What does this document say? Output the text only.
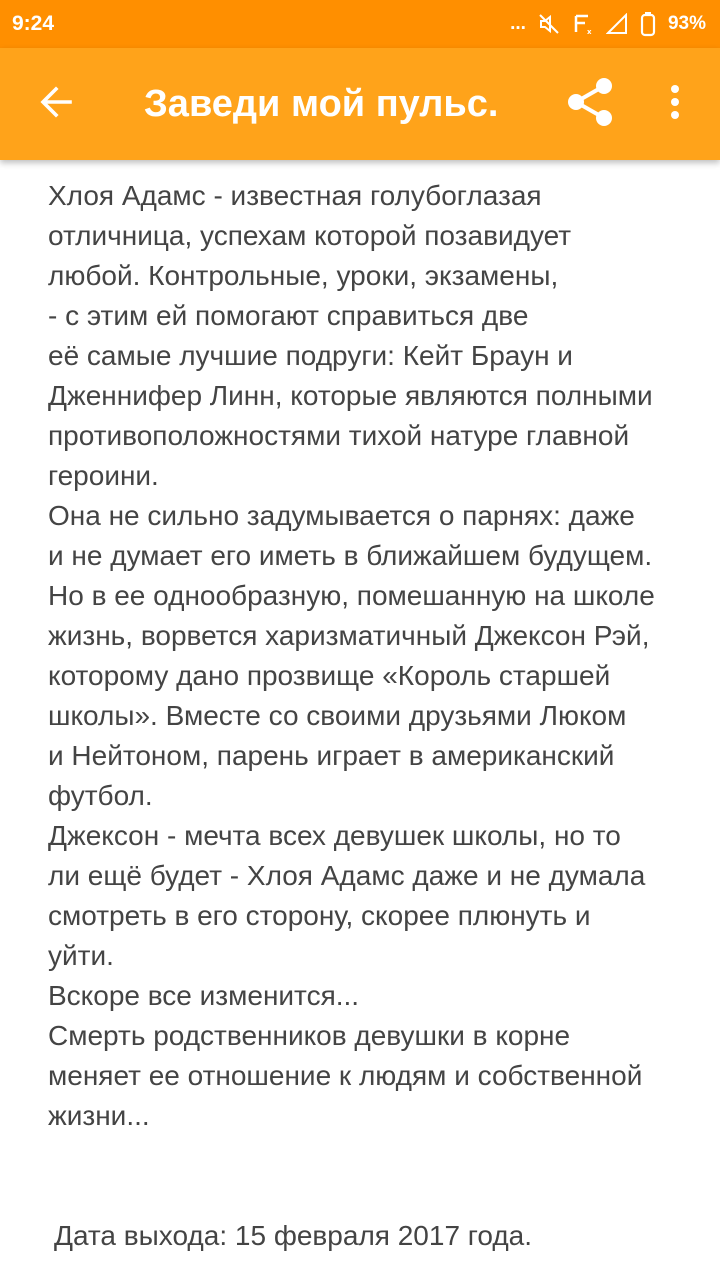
9:24	...	x	93%
Заведи мой пульс.
Хлоя Адамс - известная голубоглазая
отличница, успехам которой позавидует
любой. Контрольные, уроки, экзамены,
- с этим ей помогают справиться две
её самые лучшие подруги: Кейт Браун и
Дженнифер Линн, которые являются полными
противоположностями тихой натуре главной
героини.
Она не сильно задумывается о парнях: даже
и не думает его иметь в ближайшем будущем.
Но в ее однообразную, помешанную на школе
жизнь, ворвется харизматичный Джексон Рэй,
которому дано прозвище «Король старшей
школы». Вместе со своими друзьями Люком
и Нейтоном, парень играет в американский
футбол.
Джексон - мечта всех девушек школы, но то
ли ещё будет - Хлоя Адамс даже и не думала
смотреть в его сторону, скорее плюнуть и
уйти.
Вскоре все изменится...
Смерть родственников девушки в корне
меняет ее отношение к людям и собственной
жизни...
Дата выхода: 15 февраля 2017 года.
